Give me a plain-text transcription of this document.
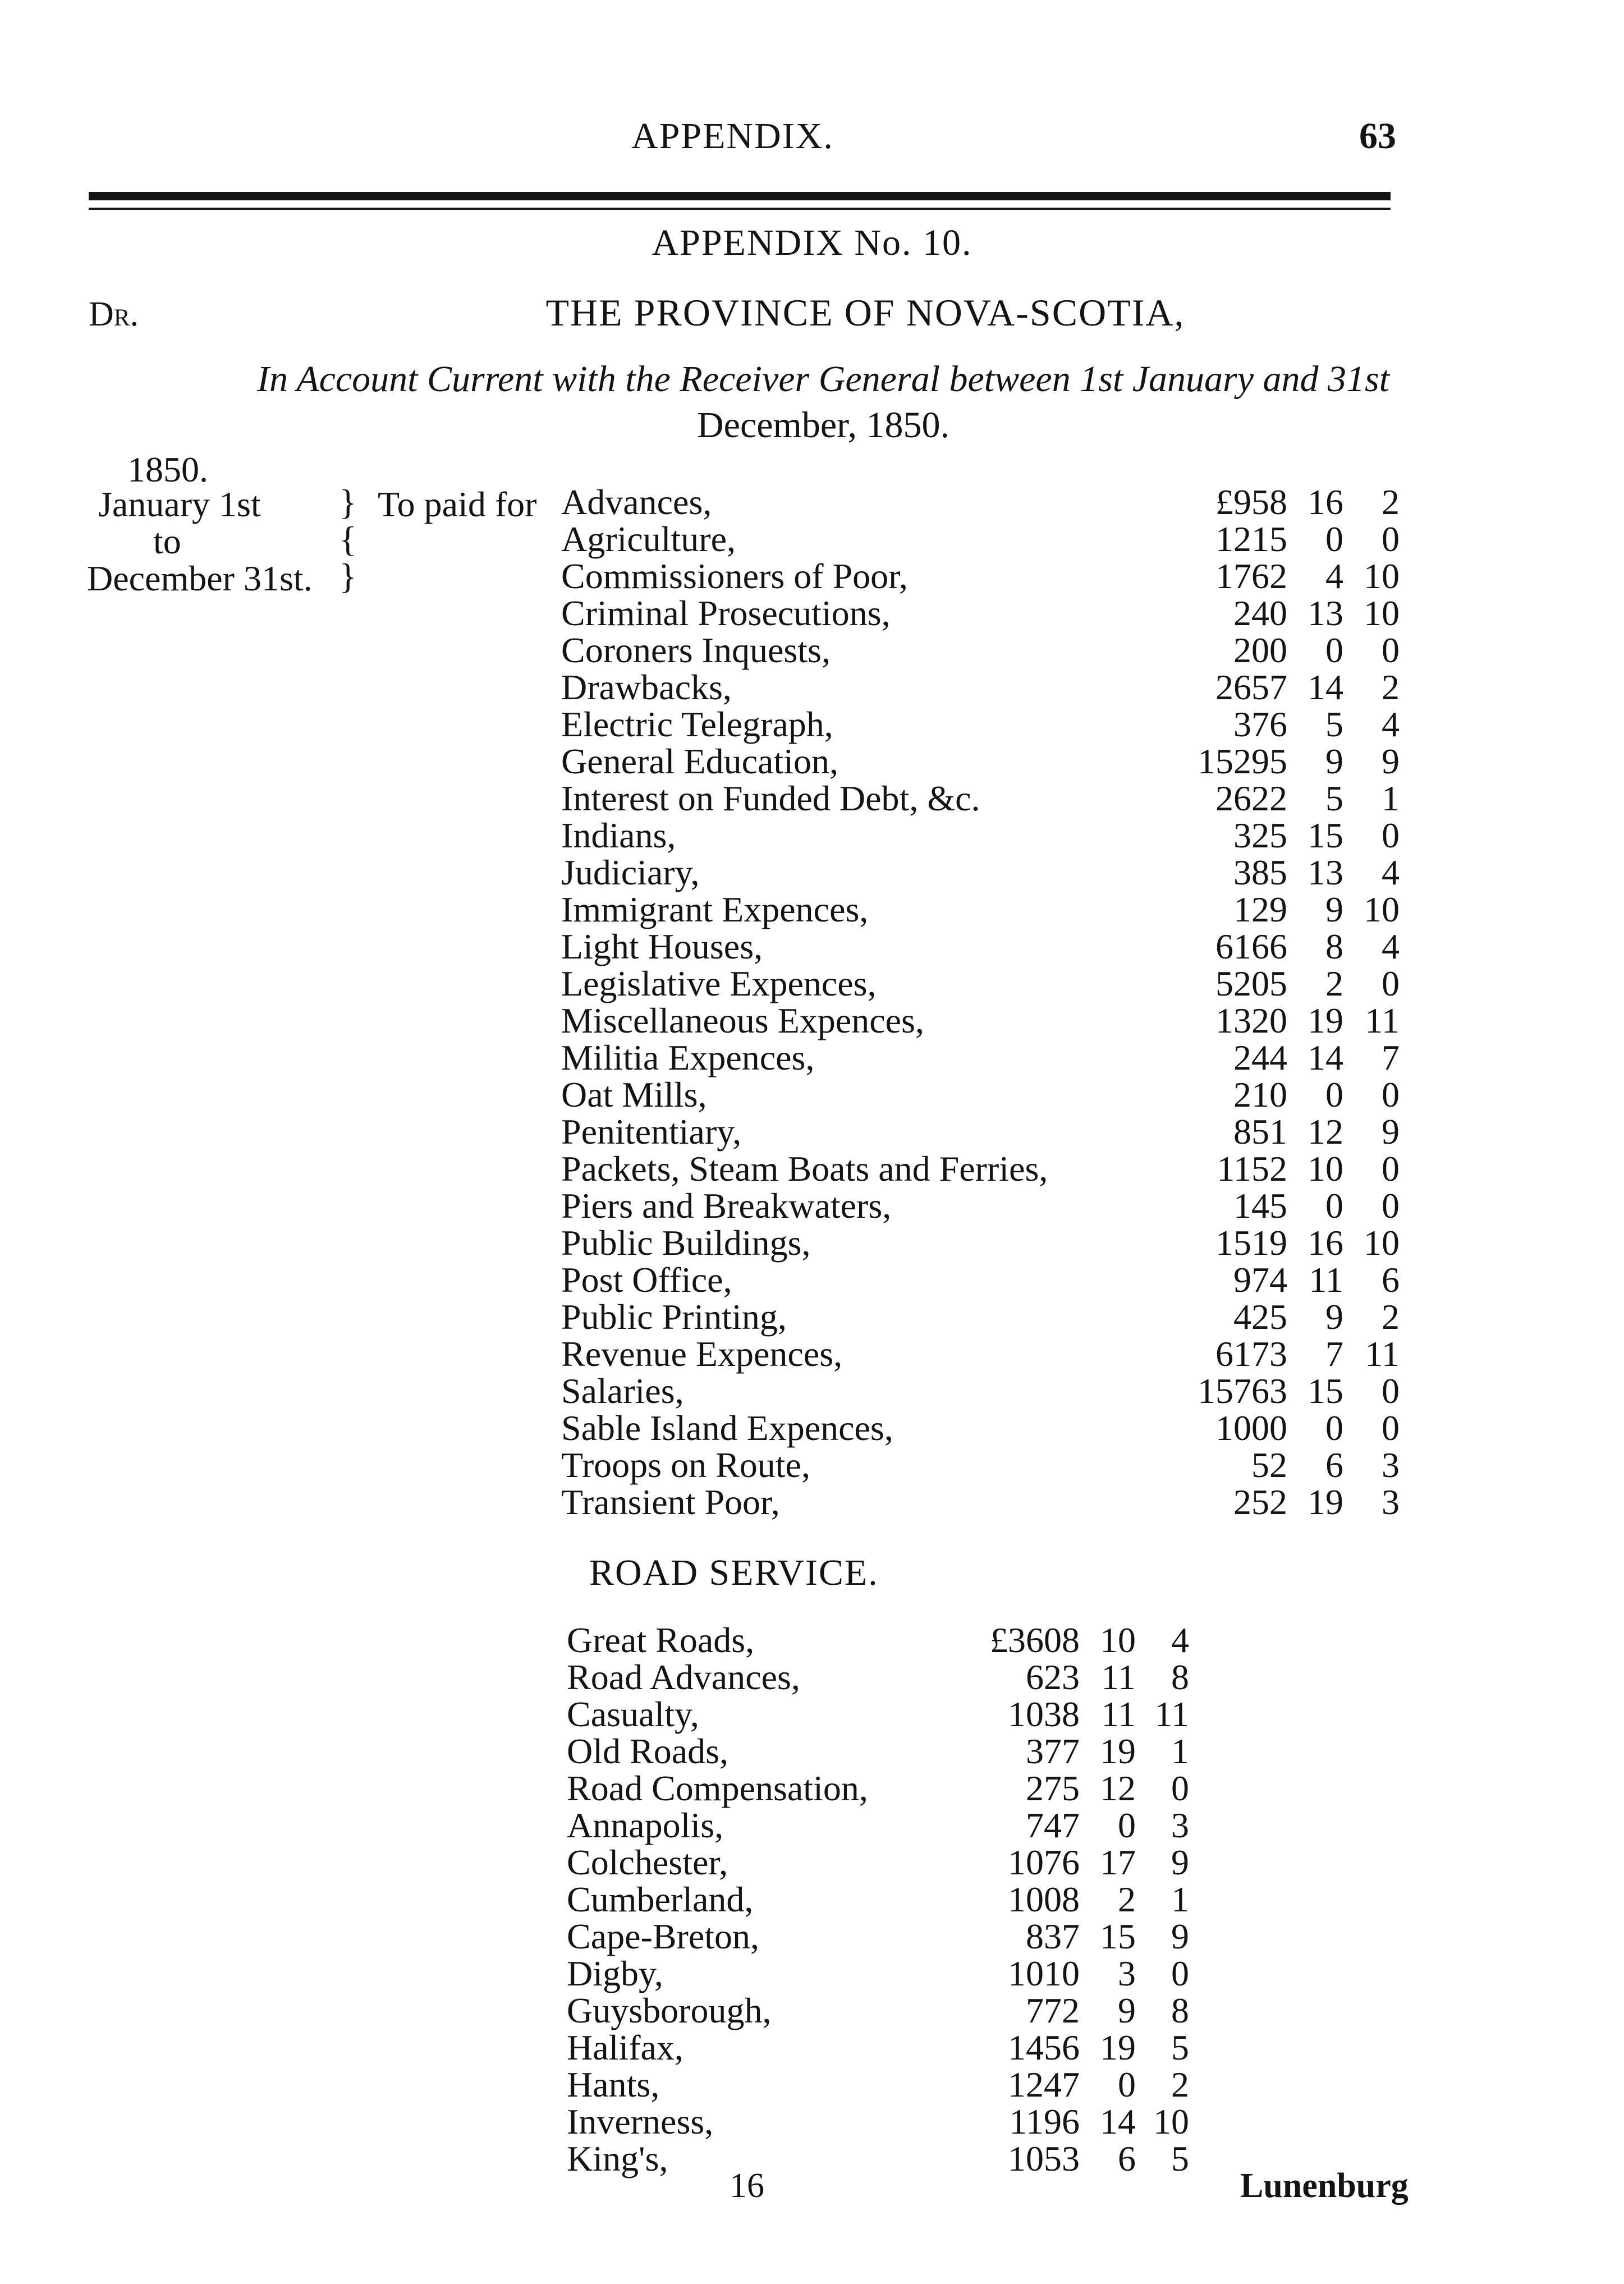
APPENDIX.	63
APPENDIX No. 10.
Dr.	THE PROVINCE OF NOVA-SCOTIA,
In Account Current with the Receiver General between 1st January and 31st
December, 1850.
1850.
January 1st
to
December 31st.
}
{
}
To paid for Advances,	£958 16	2
Agriculture,	1215	0	0
Commissioners of Poor,	1762	4 10
Criminal Prosecutions,	240 13 10
Coroners Inquests,	200	0	0
Drawbacks,	2657 14	2
Electric Telegraph,	376	5	4
General Education,	15295	9	9
Interest on Funded Debt, &c.	2622	5	1
Indians,	325 15	0
Judiciary,	385 13	4
Immigrant Expences,	129	9 10
Light Houses,	6166	8	4
Legislative Expences,	5205	2	0
Miscellaneous Expences,	1320 19 11
Militia Expences,	244 14	7
Oat Mills,	210	0	0
Penitentiary,	851 12	9
Packets, Steam Boats and Ferries,	1152 10	0
Piers and Breakwaters,	145	0	0
Public Buildings,	1519 16 10
Post Office,	974 11	6
Public Printing,	425	9	2
Revenue Expences,	6173	7 11
Salaries,	15763 15	0
Sable Island Expences,	1000	0	0
Troops on Route,	52	6	3
Transient Poor,	252 19	3
ROAD SERVICE.
Great Roads,	£3608 10 4
Road Advances,	623 11 8
Casualty,	1038 11 11
Old Roads,	377 19 1
Road Compensation,	275 12 0
Annapolis,	747	0 3
Colchester,	1076 17 9
Cumberland,	1008	2 1
Cape-Breton,	837 15 9
Digby,	1010	3 0
Guysborough,	772	9 8
Halifax,	1456 19 5
Hants,	1247	0 2
Inverness,	1196 14 10
King's,	1053	6 5
16	Lunenburg
